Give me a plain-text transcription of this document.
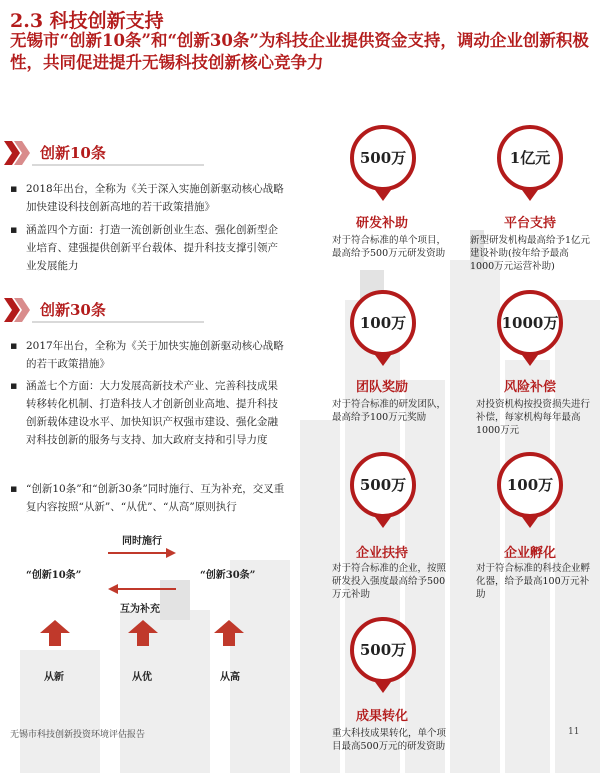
2.3 科技创新支持
无锡市“创新10条”和“创新30条”为科技企业提供资金支持，调动企业创新积极性，共同促进提升无锡科技创新核心竞争力
创新10条
▪ 2018年出台，全称为《关于深入实施创新驱动核心战略加快建设科技创新高地的若干政策措施》
▪ 涵盖四个方面：打造一流创新创业生态、强化创新型企业培育、建强提供创新平台载体、提升科技支撑引领产业发展能力
创新30条
▪ 2017年出台，全称为《关于加快实施创新驱动核心战略的若干政策措施》
▪ 涵盖七个方面：大力发展高新技术产业、完善科技成果转移转化机制、打造科技人才创新创业高地、提升科技创新载体建设水平、加快知识产权强市建设、强化金融对科技创新的服务与支持、加大政府支持和引导力度
▪ “创新10条”和“创新30条”同时施行、互为补充，交叉重复内容按照“从新”、“从优”、“从高”原则执行
同时施行
“创新10条”	“创新30条”
互为补充
从新	从优	从高
500万
研发补助
对于符合标准的单个项目，最高给予500万元研发资助
1亿元
平台支持
新型研发机构最高给予1亿元建设补助(按年给予最高1000万元运营补助)
100万
团队奖励
对于符合标准的研发团队，最高给予100万元奖励
1000万
风险补偿
对投资机构按投资损失进行补偿，每家机构每年最高1000万元
500万
企业扶持
对于符合标准的企业，按照研发投入强度最高给予500万元补助
100万
企业孵化
对于符合标准的科技企业孵化器，给予最高100万元补助
500万
成果转化
重大科技成果转化，单个项目最高500万元的研发资助
无锡市科技创新投资环境评估报告	11
